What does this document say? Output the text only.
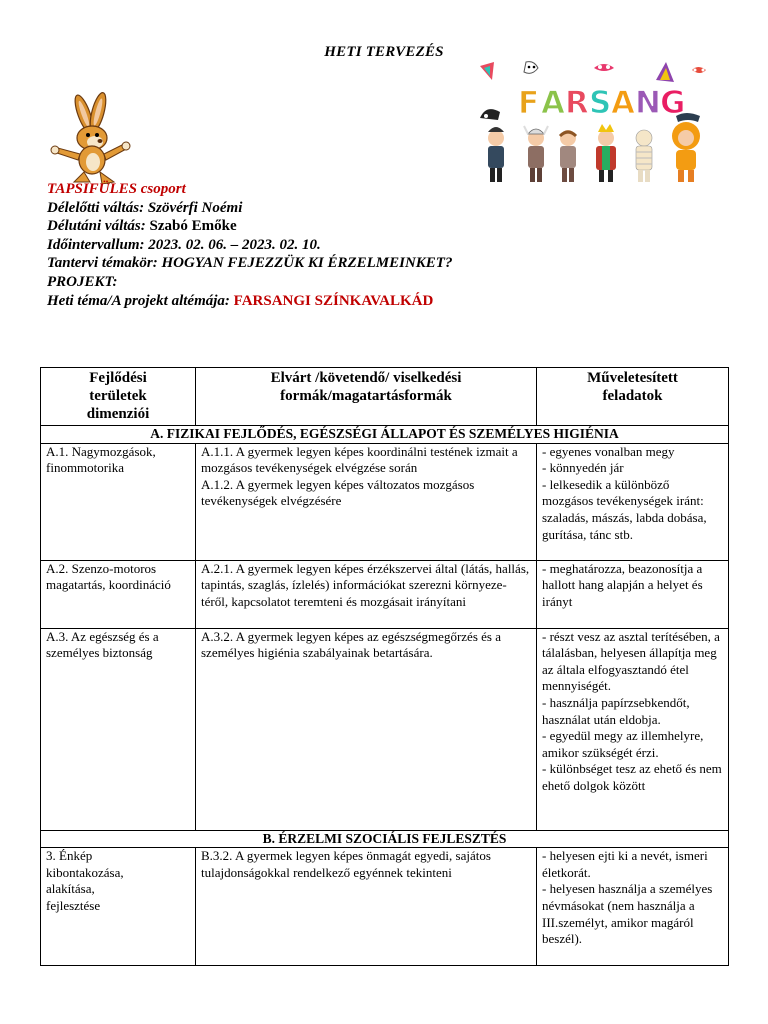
HETI TERVEZÉS
F A R S A N G
TAPSIFÜLES csoport
Délelőtti váltás: Szövérfi Noémi
Délutáni váltás: Szabó Emőke
Időintervallum: 2023. 02. 06. – 2023. 02. 10.
Tantervi témakör: HOGYAN FEJEZZÜK KI ÉRZELMEINKET?
PROJEKT:
Heti téma/A projekt altémája: FARSANGI SZÍNKAVALKÁD
Fejlődési
területek
dimenziói	Elvárt /követendő/ viselkedési
formák/magatartásformák	Műveletesített
feladatok
A. FIZIKAI FEJLŐDÉS, EGÉSZSÉGI ÁLLAPOT ÉS SZEMÉLYES HIGIÉNIA		
A.1. Nagymozgások,
finommotorika	A.1.1. A gyermek legyen képes koordinálni testének izmait a mozgásos tevékenységek elvégzése során
A.1.2. A gyermek legyen képes változatos mozgásos tevékenységek elvégzésére	- egyenes vonalban megy
- könnyedén jár
- lelkesedik a különböző mozgásos tevékenységek iránt: szaladás, mászás, labda dobása, gurítása, tánc stb.
A.2. Szenzo-motoros magatartás, koordináció	A.2.1. A gyermek legyen képes érzékszervei által (látás, hallás, tapintás, szaglás, ízlelés) információkat szerezni környeze-téről, kapcsolatot teremteni és mozgásait irányítani	- meghatározza, beazonosítja a hallott hang alapján a helyet és irányt
A.3. Az egészség és a személyes biztonság	A.3.2. A gyermek legyen képes az egészségmegőrzés és a személyes higiénia szabályainak betartására.	- részt vesz az asztal terítésében, a tálalásban, helyesen állapítja meg az általa elfogyasztandó étel mennyiségét.
- használja papírzsebkendőt, használat után eldobja.
- egyedül megy az illemhelyre, amikor szükségét érzi.
- különbséget tesz az ehető és nem ehető dolgok között
B. ÉRZELMI SZOCIÁLIS FEJLESZTÉS		
3. Énkép
kibontakozása,
alakítása,
fejlesztése	B.3.2. A gyermek legyen képes önmagát egyedi, sajátos tulajdonságokkal rendelkező egyénnek tekinteni	- helyesen ejti ki a nevét, ismeri életkorát.
- helyesen használja a személyes névmásokat (nem használja a III.személyt, amikor magáról beszél).
